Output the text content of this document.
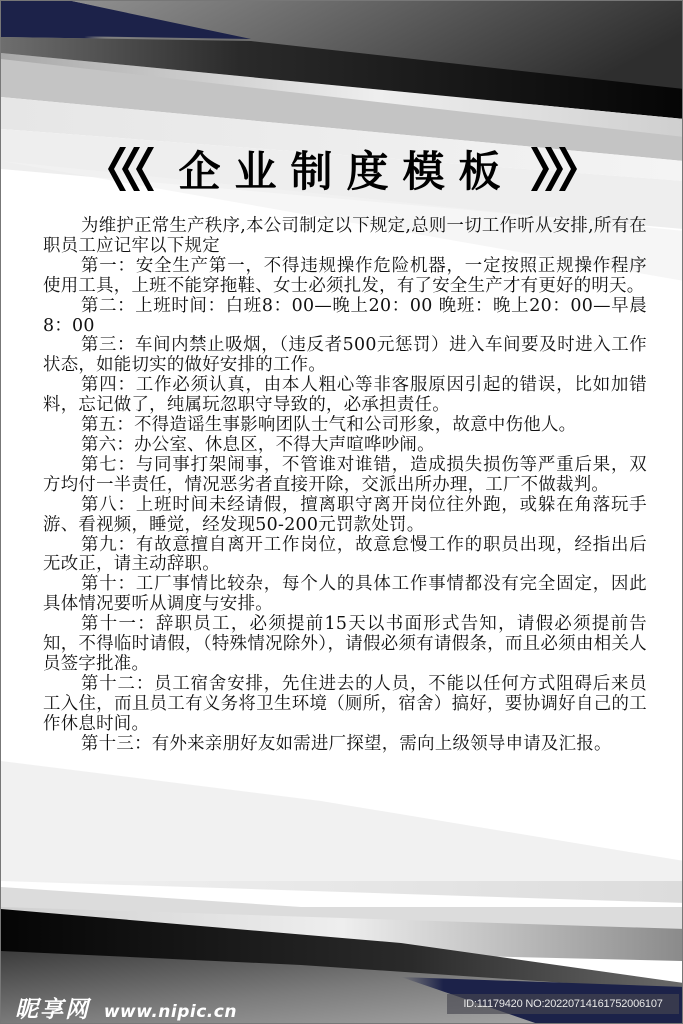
企业制度模板

为维护正常生产秩序,本公司制定以下规定,总则一切工作听从安排,所有在职员工应记牢以下规定

第一：安全生产第一，不得违规操作危险机器，一定按照正规操作程序使用工具，上班不能穿拖鞋、女士必须扎发，有了安全生产才有更好的明天。

第二：上班时间：白班8：00—晚上20：00 晚班：晚上20：00—早晨8：00

第三：车间内禁止吸烟，（违反者500元惩罚）进入车间要及时进入工作状态，如能切实的做好安排的工作。

第四：工作必须认真，由本人粗心等非客服原因引起的错误，比如加错料，忘记做了，纯属玩忽职守导致的，必承担责任。

第五：不得造谣生事影响团队士气和公司形象，故意中伤他人。

第六：办公室、休息区，不得大声喧哗吵闹。

第七：与同事打架闹事，不管谁对谁错，造成损失损伤等严重后果，双方均付一半责任，情况恶劣者直接开除，交派出所办理，工厂不做裁判。

第八：上班时间未经请假，擅离职守离开岗位往外跑，或躲在角落玩手游、看视频，睡觉，经发现50-200元罚款处罚。

第九：有故意擅自离开工作岗位，故意怠慢工作的职员出现，经指出后无改正，请主动辞职。

第十：工厂事情比较杂，每个人的具体工作事情都没有完全固定，因此具体情况要听从调度与安排。

第十一：辞职员工，必须提前15天以书面形式告知，请假必须提前告知，不得临时请假，（特殊情况除外），请假必须有请假条，而且必须由相关人员签字批准。

第十二：员工宿舍安排，先住进去的人员，不能以任何方式阻碍后来员工入住，而且员工有义务将卫生环境（厕所，宿舍）搞好，要协调好自己的工作休息时间。

第十三：有外来亲朋好友如需进厂探望，需向上级领导申请及汇报。

昵享网 www.nipic.cn	ID:11179420 NO:20220714161752006107
